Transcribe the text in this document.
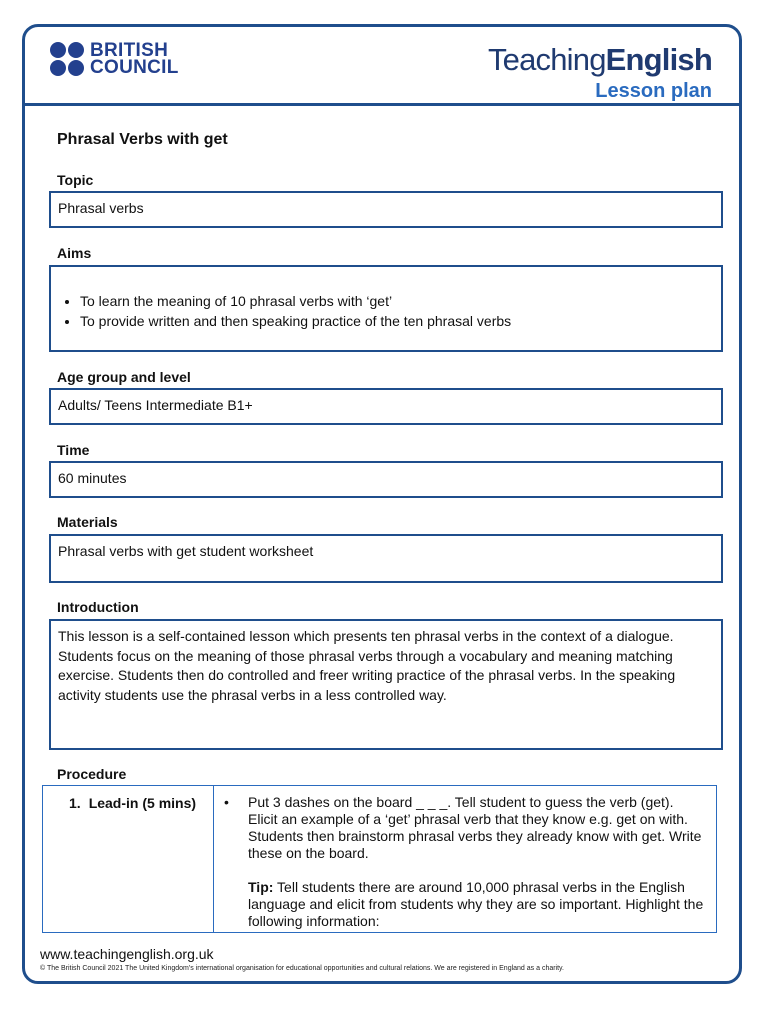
BRITISH
COUNCIL	TeachingEnglish
Lesson plan
Phrasal Verbs with get
Topic
Phrasal verbs
Aims
• To learn the meaning of 10 phrasal verbs with ‘get’
• To provide written and then speaking practice of the ten phrasal verbs
Age group and level
Adults/ Teens Intermediate B1+
Time
60 minutes
Materials
Phrasal verbs with get student worksheet
Introduction
This lesson is a self-contained lesson which presents ten phrasal verbs in the context of a dialogue. Students focus on the meaning of those phrasal verbs through a vocabulary and meaning matching exercise. Students then do controlled and freer writing practice of the phrasal verbs. In the speaking activity students use the phrasal verbs in a less controlled way.
Procedure
1. Lead-in (5 mins)	•	Put 3 dashes on the board _ _ _. Tell student to guess the verb (get). Elicit an example of a ‘get’ phrasal verb that they know e.g. get on with. Students then brainstorm phrasal verbs they already know with get. Write these on the board.
Tip: Tell students there are around 10,000 phrasal verbs in the English language and elicit from students why they are so important. Highlight the following information:
www.teachingenglish.org.uk
© The British Council 2021 The United Kingdom’s international organisation for educational opportunities and cultural relations. We are registered in England as a charity.
